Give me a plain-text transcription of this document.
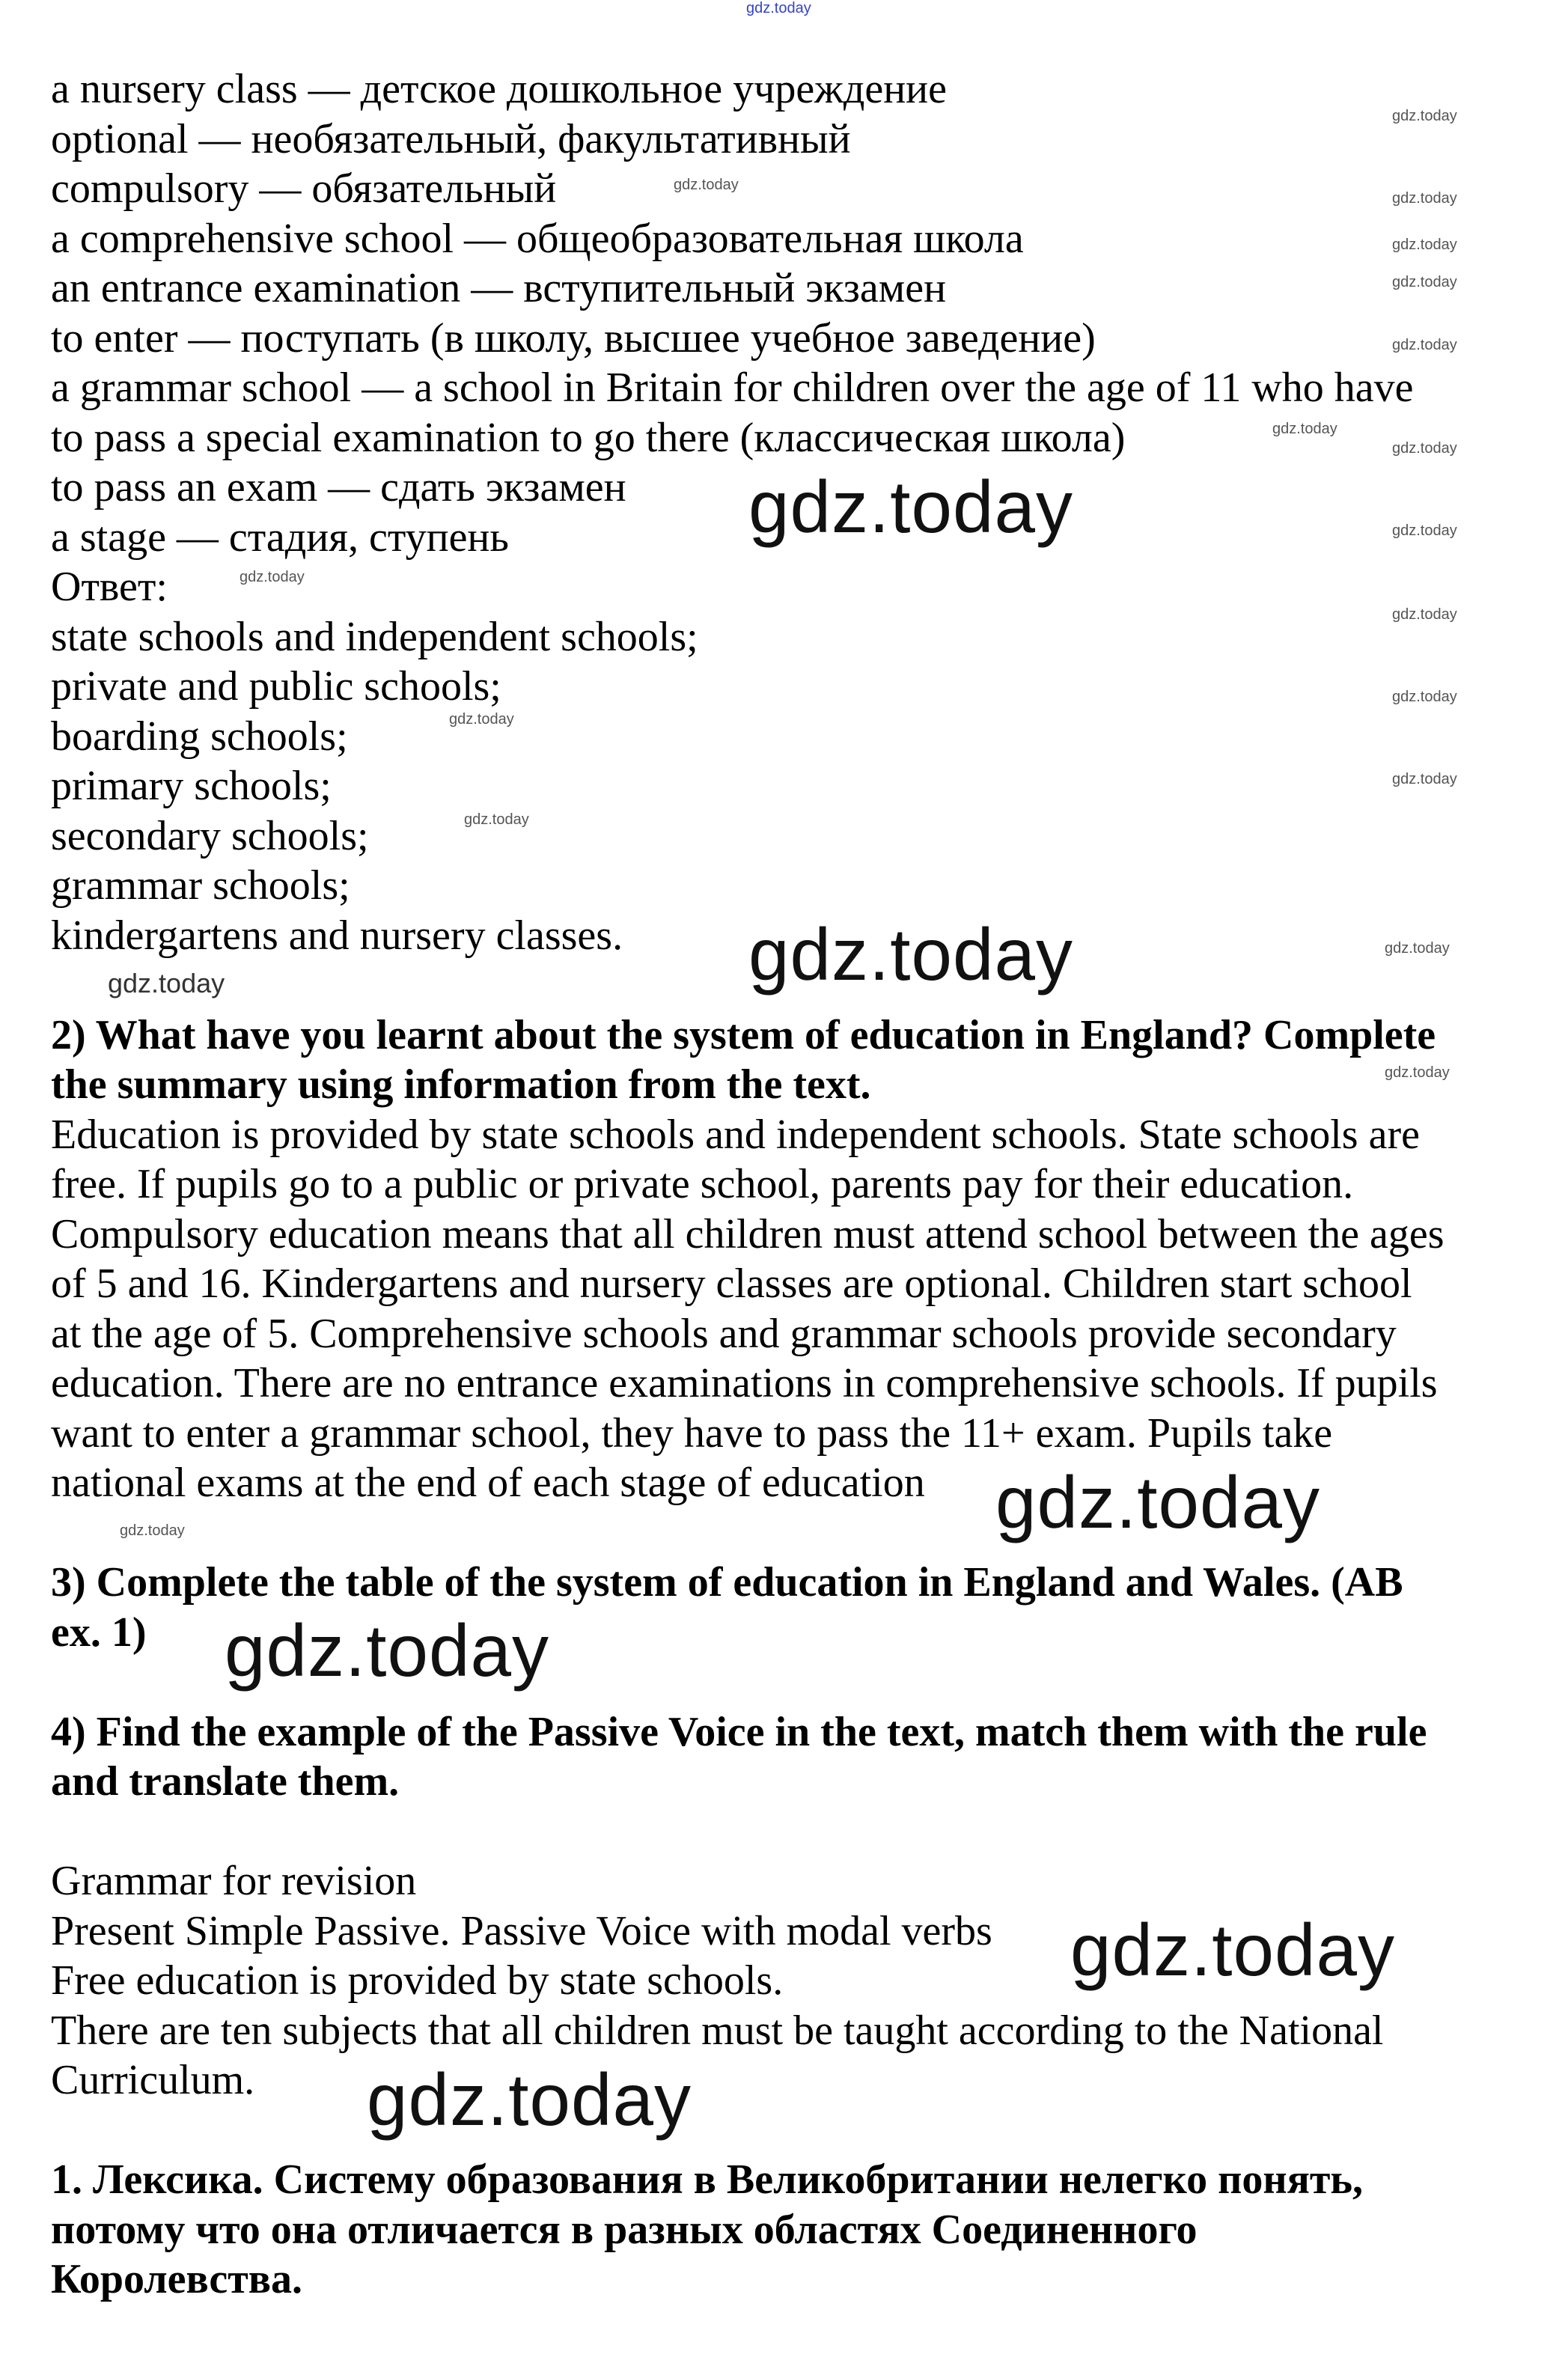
gdz.today
a nursery class — детское дошкольное учреждение
optional — необязательный, факультативный
compulsory — обязательный
a comprehensive school — общеобразовательная школа
an entrance examination — вступительный экзамен
to enter — поступать (в школу, высшее учебное заведение)
a grammar school — a school in Britain for children over the age of 11 who have
to pass a special examination to go there (классическая школа)
to pass an exam — сдать экзамен
a stage — стадия, ступень
Ответ:
state schools and independent schools;
private and public schools;
boarding schools;
primary schools;
secondary schools;
grammar schools;
kindergartens and nursery classes.
2) What have you learnt about the system of education in England? Complete
the summary using information from the text.
Education is provided by state schools and independent schools. State schools are
free. If pupils go to a public or private school, parents pay for their education.
Compulsory education means that all children must attend school between the ages
of 5 and 16. Kindergartens and nursery classes are optional. Children start school
at the age of 5. Comprehensive schools and grammar schools provide secondary
education. There are no entrance examinations in comprehensive schools. If pupils
want to enter a grammar school, they have to pass the 11+ exam. Pupils take
national exams at the end of each stage of education
3) Complete the table of the system of education in England and Wales. (AB
ex. 1)
4) Find the example of the Passive Voice in the text, match them with the rule
and translate them.
Grammar for revision
Present Simple Passive. Passive Voice with modal verbs
Free education is provided by state schools.
There are ten subjects that all children must be taught according to the National
Curriculum.
1. Лексика. Систему образования в Великобритании нелегко понять,
потому что она отличается в разных областях Соединенного
Королевства.
gdz.today
gdz.today
gdz.today
gdz.today
gdz.today
gdz.today
gdz.today
gdz.today
gdz.today
gdz.today
gdz.today
gdz.today
gdz.today
gdz.today
gdz.today
gdz.today
gdz.today
gdz.today
gdz.today
gdz.today
gdz.today
gdz.today
gdz.today
gdz.today
gdz.today
